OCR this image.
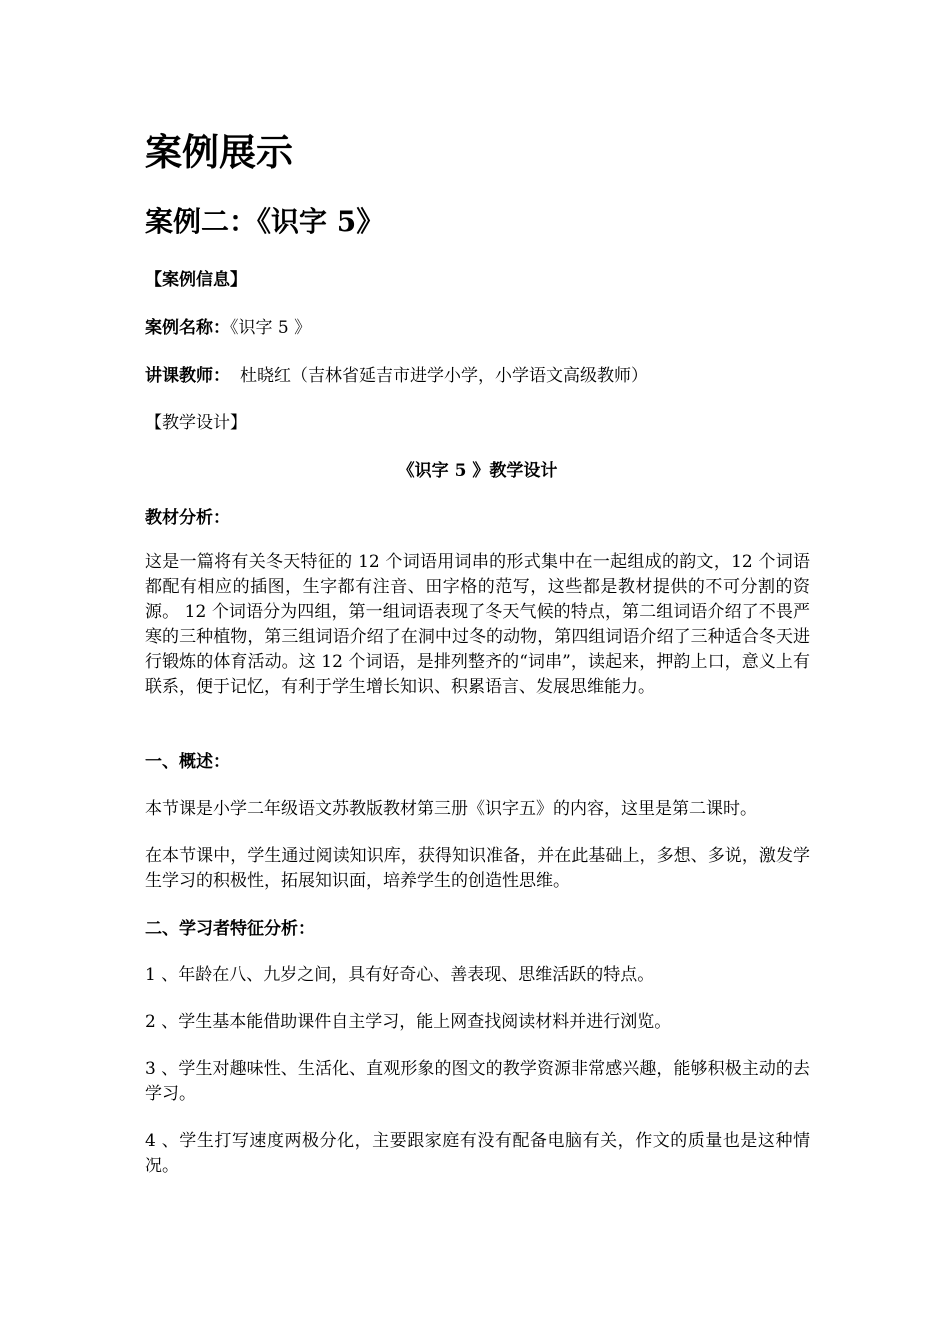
案例展示
案例二：《识字 5》
【案例信息】
案例名称：《识字 5 》
讲课教师： 杜晓红（吉林省延吉市进学小学，小学语文高级教师）
【教学设计】
《识字 5 》教学设计
教材分析：
这是一篇将有关冬天特征的 12 个词语用词串的形式集中在一起组成的韵文，12 个词语都配有相应的插图，生字都有注音、田字格的范写，这些都是教材提供的不可分割的资源。 12 个词语分为四组，第一组词语表现了冬天气候的特点，第二组词语介绍了不畏严寒的三种植物，第三组词语介绍了在洞中过冬的动物，第四组词语介绍了三种适合冬天进行锻炼的体育活动。这 12 个词语，是排列整齐的“词串”，读起来，押韵上口，意义上有联系，便于记忆，有利于学生增长知识、积累语言、发展思维能力。
一、概述：
本节课是小学二年级语文苏教版教材第三册《识字五》的内容，这里是第二课时。
在本节课中，学生通过阅读知识库，获得知识准备，并在此基础上，多想、多说，激发学生学习的积极性，拓展知识面，培养学生的创造性思维。
二、学习者特征分析：
1 、年龄在八、九岁之间，具有好奇心、善表现、思维活跃的特点。
2 、学生基本能借助课件自主学习，能上网查找阅读材料并进行浏览。
3 、学生对趣味性、生活化、直观形象的图文的教学资源非常感兴趣，能够积极主动的去学习。
4 、学生打写速度两极分化，主要跟家庭有没有配备电脑有关，作文的质量也是这种情况。
